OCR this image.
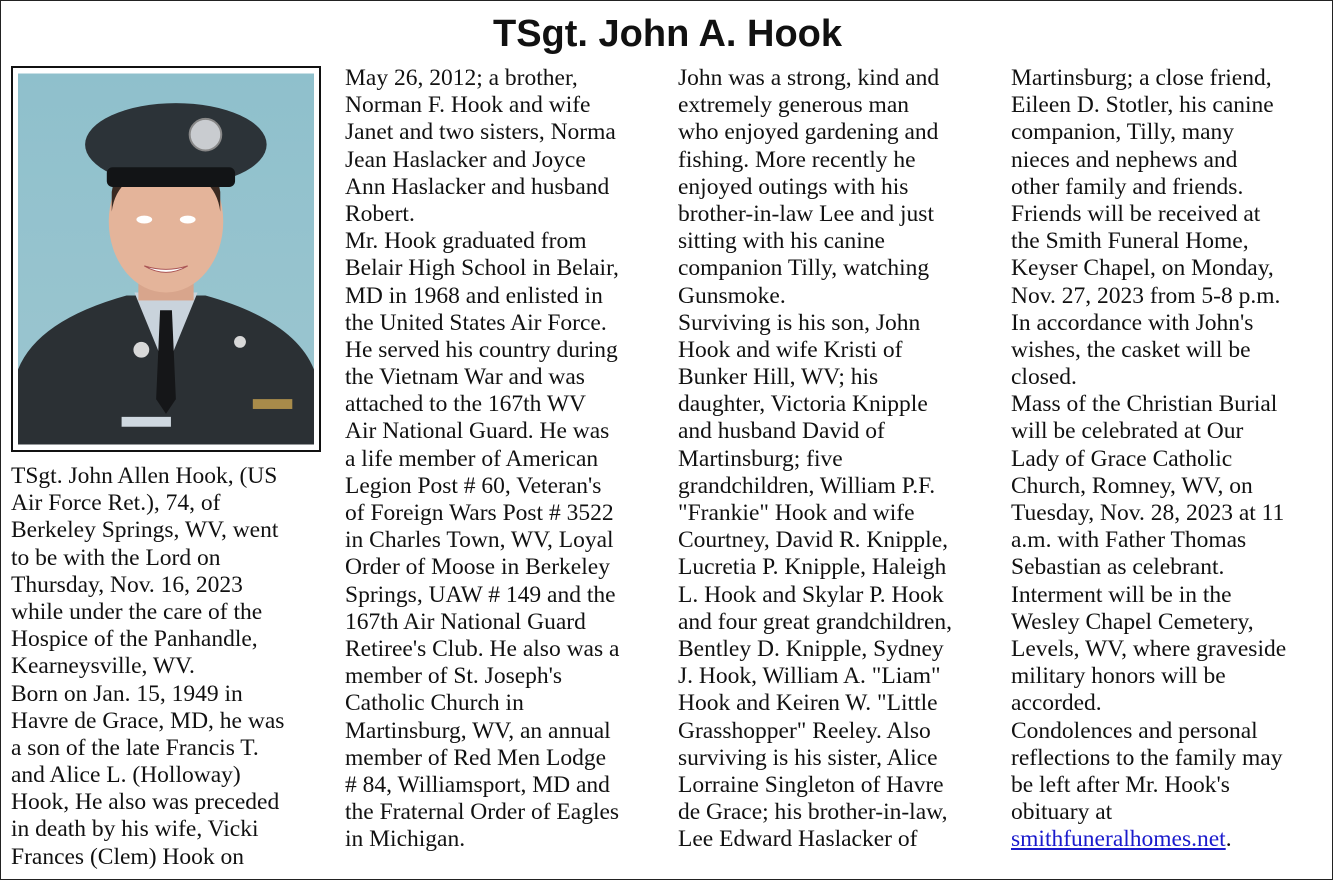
TSgt. John A. Hook
TSgt. John Allen Hook, (US
Air Force Ret.), 74, of
Berkeley Springs, WV, went
to be with the Lord on
Thursday, Nov. 16, 2023
while under the care of the
Hospice of the Panhandle,
Kearneysville, WV.
Born on Jan. 15, 1949 in
Havre de Grace, MD, he was
a son of the late Francis T.
and Alice L. (Holloway)
Hook, He also was preceded
in death by his wife, Vicki
Frances (Clem) Hook on
May 26, 2012; a brother,
Norman F. Hook and wife
Janet and two sisters, Norma
Jean Haslacker and Joyce
Ann Haslacker and husband
Robert.
Mr. Hook graduated from
Belair High School in Belair,
MD in 1968 and enlisted in
the United States Air Force.
He served his country during
the Vietnam War and was
attached to the 167th WV
Air National Guard. He was
a life member of American
Legion Post # 60, Veteran's
of Foreign Wars Post # 3522
in Charles Town, WV, Loyal
Order of Moose in Berkeley
Springs, UAW # 149 and the
167th Air National Guard
Retiree's Club. He also was a
member of St. Joseph's
Catholic Church in
Martinsburg, WV, an annual
member of Red Men Lodge
# 84, Williamsport, MD and
the Fraternal Order of Eagles
in Michigan.
John was a strong, kind and
extremely generous man
who enjoyed gardening and
fishing. More recently he
enjoyed outings with his
brother-in-law Lee and just
sitting with his canine
companion Tilly, watching
Gunsmoke.
Surviving is his son, John
Hook and wife Kristi of
Bunker Hill, WV; his
daughter, Victoria Knipple
and husband David of
Martinsburg; five
grandchildren, William P.F.
"Frankie" Hook and wife
Courtney, David R. Knipple,
Lucretia P. Knipple, Haleigh
L. Hook and Skylar P. Hook
and four great grandchildren,
Bentley D. Knipple, Sydney
J. Hook, William A. "Liam"
Hook and Keiren W. "Little
Grasshopper" Reeley. Also
surviving is his sister, Alice
Lorraine Singleton of Havre
de Grace; his brother-in-law,
Lee Edward Haslacker of
Martinsburg; a close friend,
Eileen D. Stotler, his canine
companion, Tilly, many
nieces and nephews and
other family and friends.
Friends will be received at
the Smith Funeral Home,
Keyser Chapel, on Monday,
Nov. 27, 2023 from 5-8 p.m.
In accordance with John's
wishes, the casket will be
closed.
Mass of the Christian Burial
will be celebrated at Our
Lady of Grace Catholic
Church, Romney, WV, on
Tuesday, Nov. 28, 2023 at 11
a.m. with Father Thomas
Sebastian as celebrant.
Interment will be in the
Wesley Chapel Cemetery,
Levels, WV, where graveside
military honors will be
accorded.
Condolences and personal
reflections to the family may
be left after Mr. Hook's
obituary at
smithfuneralhomes.net.
